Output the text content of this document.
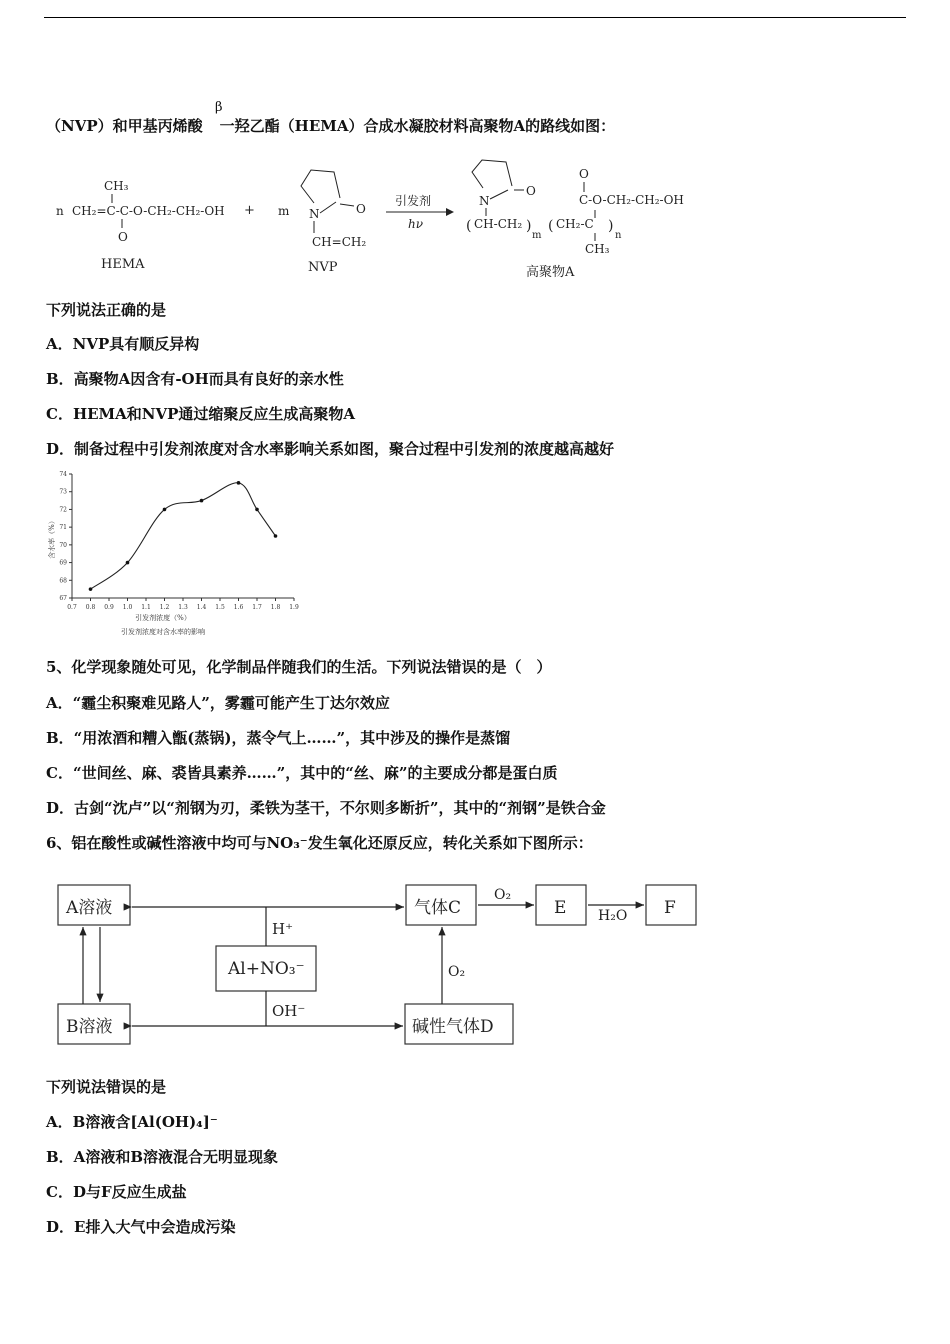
（NVP）和甲基丙烯酸 一羟乙酯（HEMA）合成水凝胶材料高聚物A的路线如图：
β
n
CH₃
CH₂=C-C-O-CH₂-CH₂-OH
O
HEMA
+ m N	O
CH=CH₂
NVP
引发剂
hν
N
O
( CH-CH₂ )
m
( CH₂-C )
n
O
C-O-CH₂-CH₂-OH
CH₃
高聚物A
下列说法正确的是
A．NVP具有顺反异构
B．高聚物A因含有-OH而具有良好的亲水性
C．HEMA和NVP通过缩聚反应生成高聚物A
D．制备过程中引发剂浓度对含水率影响关系如图，聚合过程中引发剂的浓度越高越好
含水率（%）
引发剂浓度（%）
引发剂浓度对含水率的影响
0.7 0.8 0.9 1.0 1.1 1.2 1.3 1.4 1.5 1.6 1.7 1.8 1.9
67
68
69
70
71
72
73
74
5、化学现象随处可见，化学制品伴随我们的生活。下列说法错误的是（　）
A．“霾尘积聚难见路人”，雾霾可能产生丁达尔效应
B．“用浓酒和糟入甑(蒸锅)，蒸令气上……”，其中涉及的操作是蒸馏
C．“世间丝、麻、裘皆具素养……”，其中的“丝、麻”的主要成分都是蛋白质
D．古剑“沈卢”以“剂钢为刃，柔铁为茎干，不尔则多断折”，其中的“剂钢”是铁合金
6、铝在酸性或碱性溶液中均可与NO₃⁻发生氧化还原反应，转化关系如下图所示：
A溶液
B溶液
Al+NO₃⁻
气体C
碱性气体D
E	F
H⁺
OH⁻
O₂
O₂
H₂O
下列说法错误的是
A．B溶液含[Al(OH)₄]⁻
B．A溶液和B溶液混合无明显现象
C．D与F反应生成盐
D．E排入大气中会造成污染
